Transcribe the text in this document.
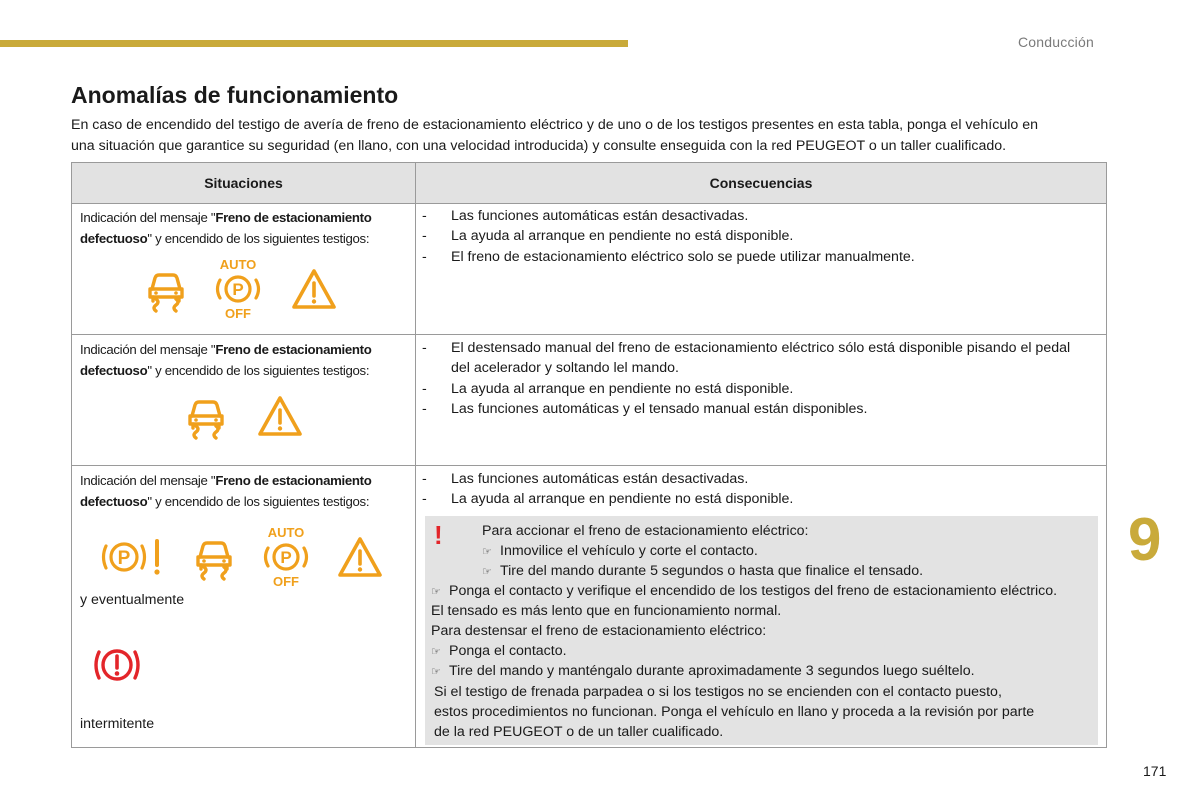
Conducción
Anomalías de funcionamiento
En caso de encendido del testigo de avería de freno de estacionamiento eléctrico y de uno o de los testigos presentes en esta tabla, ponga el vehículo en
una situación que garantice su seguridad (en llano, con una velocidad introducida) y consulte enseguida con la red PEUGEOT o un taller cualificado.
Situaciones	Consecuencias
Indicación del mensaje "Freno de estacionamiento
defectuoso" y encendido de los siguientes testigos:
AUTO
P
OFF
- Las funciones automáticas están desactivadas.
- La ayuda al arranque en pendiente no está disponible.
- El freno de estacionamiento eléctrico solo se puede utilizar manualmente.
Indicación del mensaje "Freno de estacionamiento
defectuoso" y encendido de los siguientes testigos:
- El destensado manual del freno de estacionamiento eléctrico sólo está disponible pisando el pedal
del acelerador y soltando lel mando.
- La ayuda al arranque en pendiente no está disponible.
- Las funciones automáticas y el tensado manual están disponibles.
Indicación del mensaje "Freno de estacionamiento
defectuoso" y encendido de los siguientes testigos:
P
AUTO
P
OFF
y eventualmente
intermitente
- Las funciones automáticas están desactivadas.
- La ayuda al arranque en pendiente no está disponible.
!	Para accionar el freno de estacionamiento eléctrico:
☞ Inmovilice el vehículo y corte el contacto.
☞ Tire del mando durante 5 segundos o hasta que finalice el tensado.
☞ Ponga el contacto y verifique el encendido de los testigos del freno de estacionamiento eléctrico.
El tensado es más lento que en funcionamiento normal.
Para destensar el freno de estacionamiento eléctrico:
☞ Ponga el contacto.
☞ Tire del mando y manténgalo durante aproximadamente 3 segundos luego suéltelo.
Si el testigo de frenada parpadea o si los testigos no se encienden con el contacto puesto,
estos procedimientos no funcionan. Ponga el vehículo en llano y proceda a la revisión por parte
de la red PEUGEOT o de un taller cualificado.
9
171
